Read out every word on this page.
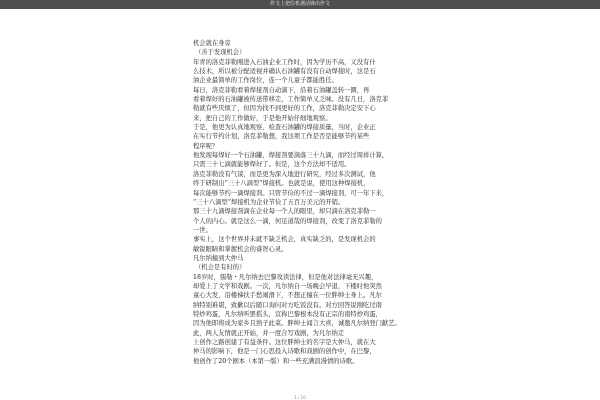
作文上把住机遇话锋出作文

机会就在身旁

（善于发现机会）

年青的洛克菲勒刚进入石油企业工作时，因为学历不高，又没有什

么技术，所以被分配适视并确认石油罐有没有自动焊接时，这是石

油企业最简单的工作岗位，连一个儿童子都能胜任。

每日，洛克菲勒看着焊接剂自动滴下，沿着石油罐盖转一圈，再

看着焊好的石油罐被传送带移走，工作简单又乏味。没有几日，洛克菲

勒就有些厌烦了，但因为找不到更好的工作，洛克菲勒决定安下心

来，把自己的工作做好，于是他开始仔细地观察。

于是，他更为认真地观察、检查石油罐的焊接质量，当时，企业正

在实行节约计划，洛克菲勒想，我这项工作是否是能够节约某些

程序呢？

他发现每焊好一个石油罐，焊接剂要滴落三十九滴，而经过周祥计算，

只需三十七滴就能够焊好了。但是，这个方法却不适用。

洛克菲勒没有气馁，而是更为深入地进行研究，经过多次测试，他

终于研制出“三十八滴型”焊接机。也就是说，使用这种焊接机，

每次能够节约一滴焊接剂。只管节俭的不过一滴焊接剂，可一年下来，

“三十八滴型”焊接机为企业节俭了五百万美元的开销。

那三十九滴焊接剂滴在企业每一个人的眼里，却只滴在洛克菲勒一

个人的内心。就是这么一滴，何足道哉的焊接剂，改变了洛克菲勒的

一世。

事实上，这个世界并未就不缺乏机会，真实缺乏的，是发现机会的

敏锐眼睛和掌握机会的睿智心灵。

凡尔纳撞到大仲马

（机会是有时的）

18岁时，儒勒・凡尔纳去巴黎攻读法律，但是他对法律毫无兴趣，

却爱上了文学和戏剧。一次，凡尔纳自一场晚会早退，下楼时他突然

童心大发，沿楼梯扶手愁闹滑下，不想正撞在一位胖绅士身上。凡尔

纳特别难堪，致歉以后随口询问对方吃饭没有。对方回答说刚吃过南

特炒鸡蛋，凡尔纳听罢摇头，宣称巴黎根本没有正宗的南特炒鸡蛋，

因为他即将成为家乡且熟子此菜。胖绅士闻言大喜，诚邀凡尔纳登门献艺。

此，两人友情就正开始，并一度合写戏剧，为凡尔纳走

上创作之路创建了有益条件。这位胖绅士的名字是大仲马，就在大

仲马的影响下，他是一门心思投入诗歌和戏剧的创作中，在巴黎，

他创作了20个剧本（本第一版）和一些充满浪漫情的诗歌。

1 / 10
